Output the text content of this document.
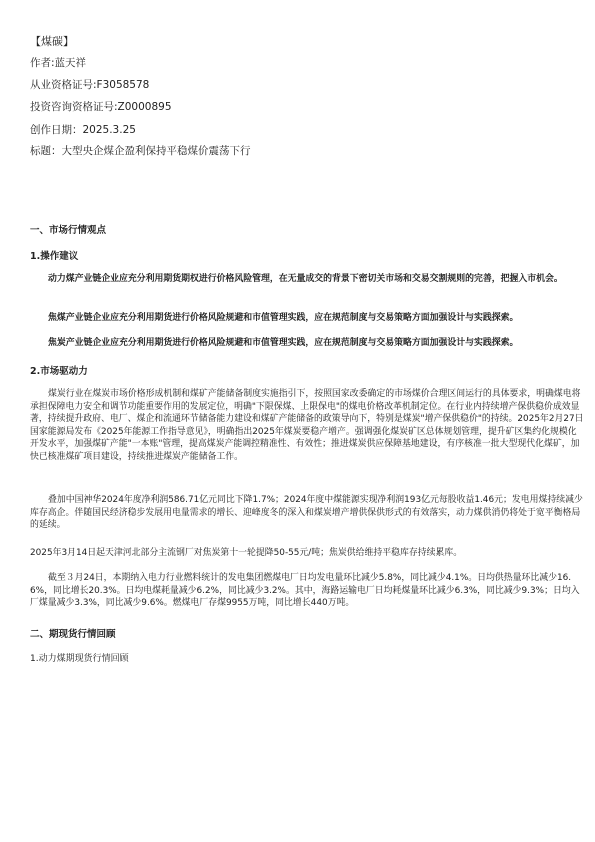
【煤碳】
作者:蓝天祥
从业资格证号:F3058578
投资咨询资格证号:Z0000895
创作日期：2025.3.25
标题：大型央企煤企盈利保持平稳煤价震荡下行
一、市场行情观点
1.操作建议

动力煤产业链企业应充分利用期货期权进行价格风险管理，在无量成交的背景下密切关市场和交易交割规则的完善，把握入市机会。

焦煤产业链企业应充分利用期货进行价格风险规避和市值管理实践，应在规范制度与交易策略方面加强设计与实践探索。

焦炭产业链企业应充分利用期货进行价格风险规避和市值管理实践，应在规范制度与交易策略方面加强设计与实践探索。

2.市场驱动力

煤炭行业在煤炭市场价格形成机制和煤矿产能储备制度实施指引下，按照国家改委确定的市场煤价合理区间运行的具体要求，明确煤电将承担保障电力安全和调节功能重要作用的发展定位，明确"下限保煤、上限保电"的煤电价格改革机制定位。在行业内持续增产保供稳价成效显著，持续提升政府、电厂、煤企和流通环节储备能力建设和煤矿产能储备的政策导向下，特别是煤炭"增产保供稳价"的持续。2025年2月27日国家能源局发布《2025年能源工作指导意见》，明确指出2025年煤炭要稳产增产。强调强化煤炭矿区总体规划管理，提升矿区集约化规模化开发水平，加强煤矿产能"一本账"管理，提高煤炭产能调控精准性、有效性；推进煤炭供应保障基地建设，有序核准一批大型现代化煤矿，加快已核准煤矿项目建设，持续推进煤炭产能储备工作。

叠加中国神华2024年度净利润586.71亿元同比下降1.7%；2024年度中煤能源实现净利润193亿元每股收益1.46元；发电用煤持续减少库存高企。伴随国民经济稳步发展用电量需求的增长、迎峰度冬的深入和煤炭增产增供保供形式的有效落实，动力煤供消仍将处于宽平衡格局的延续。

2025年3月14日起天津河北部分主流钢厂对焦炭第十一轮提降50-55元/吨；焦炭供给维持平稳库存持续累库。

截至３月24日，本期纳入电力行业燃料统计的发电集团燃煤电厂日均发电量环比减少5.8%，同比减少4.1%。日均供热量环比减少16.6%，同比增长20.3%。日均电煤耗量减少6.2%，同比减少3.2%。其中，海路运输电厂日均耗煤量环比减少6.3%，同比减少9.3%；日均入厂煤量减少3.3%，同比减少9.6%。燃煤电厂存煤9955万吨，同比增长440万吨。

二、期现货行情回顾
1.动力煤期现货行情回顾
